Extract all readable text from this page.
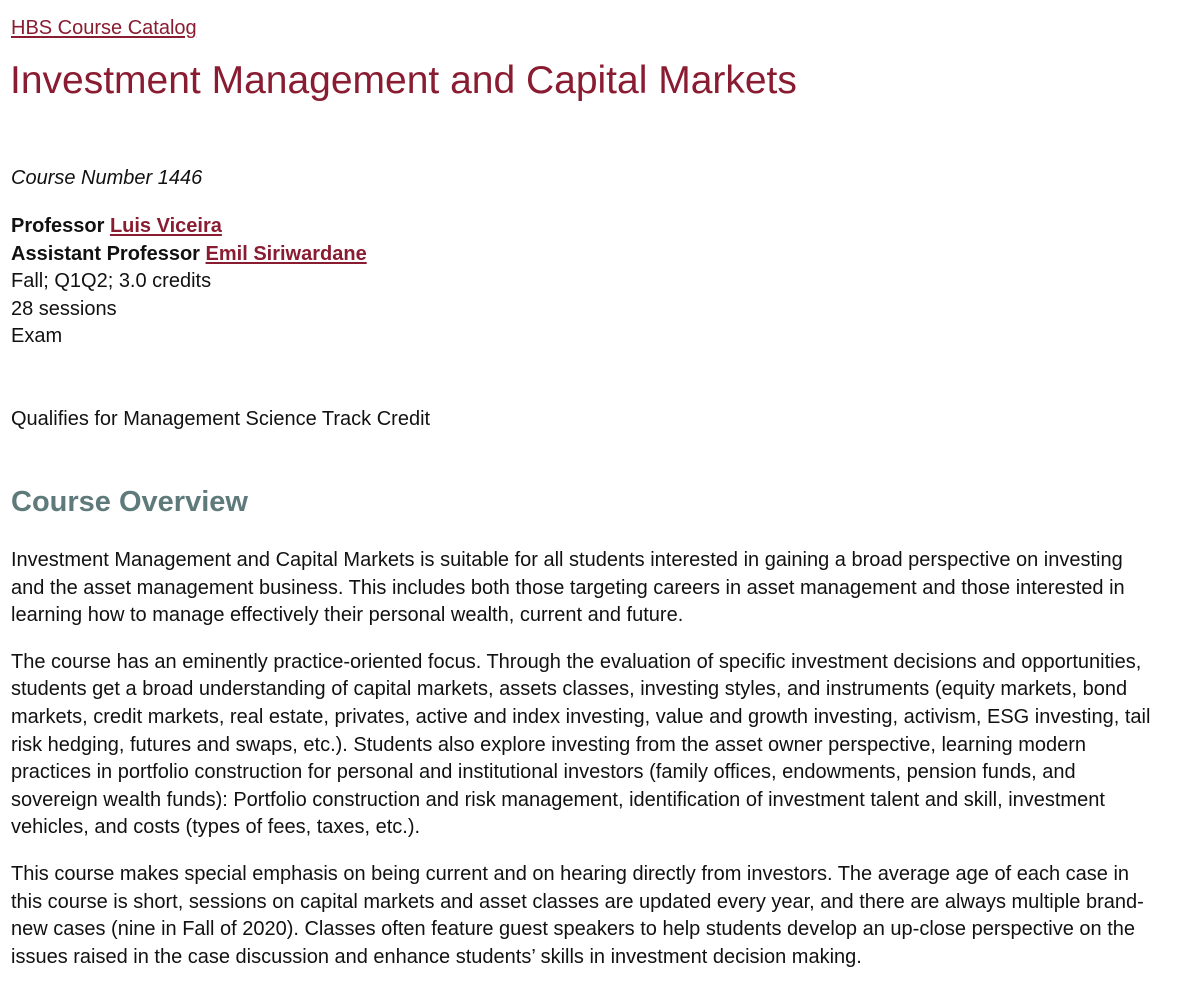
HBS Course Catalog
Investment Management and Capital Markets
Course Number 1446
Professor Luis Viceira
Assistant Professor Emil Siriwardane
Fall; Q1Q2; 3.0 credits
28 sessions
Exam
Qualifies for Management Science Track Credit
Course Overview

Investment Management and Capital Markets is suitable for all students interested in gaining a broad perspective on investing and the asset management business. This includes both those targeting careers in asset management and those interested in learning how to manage effectively their personal wealth, current and future.

The course has an eminently practice-oriented focus. Through the evaluation of specific investment decisions and opportunities, students get a broad understanding of capital markets, assets classes, investing styles, and instruments (equity markets, bond markets, credit markets, real estate, privates, active and index investing, value and growth investing, activism, ESG investing, tail risk hedging, futures and swaps, etc.). Students also explore investing from the asset owner perspective, learning modern practices in portfolio construction for personal and institutional investors (family offices, endowments, pension funds, and sovereign wealth funds): Portfolio construction and risk management, identification of investment talent and skill, investment vehicles, and costs (types of fees, taxes, etc.).

This course makes special emphasis on being current and on hearing directly from investors. The average age of each case in this course is short, sessions on capital markets and asset classes are updated every year, and there are always multiple brand-new cases (nine in Fall of 2020). Classes often feature guest speakers to help students develop an up-close perspective on the issues raised in the case discussion and enhance students’ skills in investment decision making.
